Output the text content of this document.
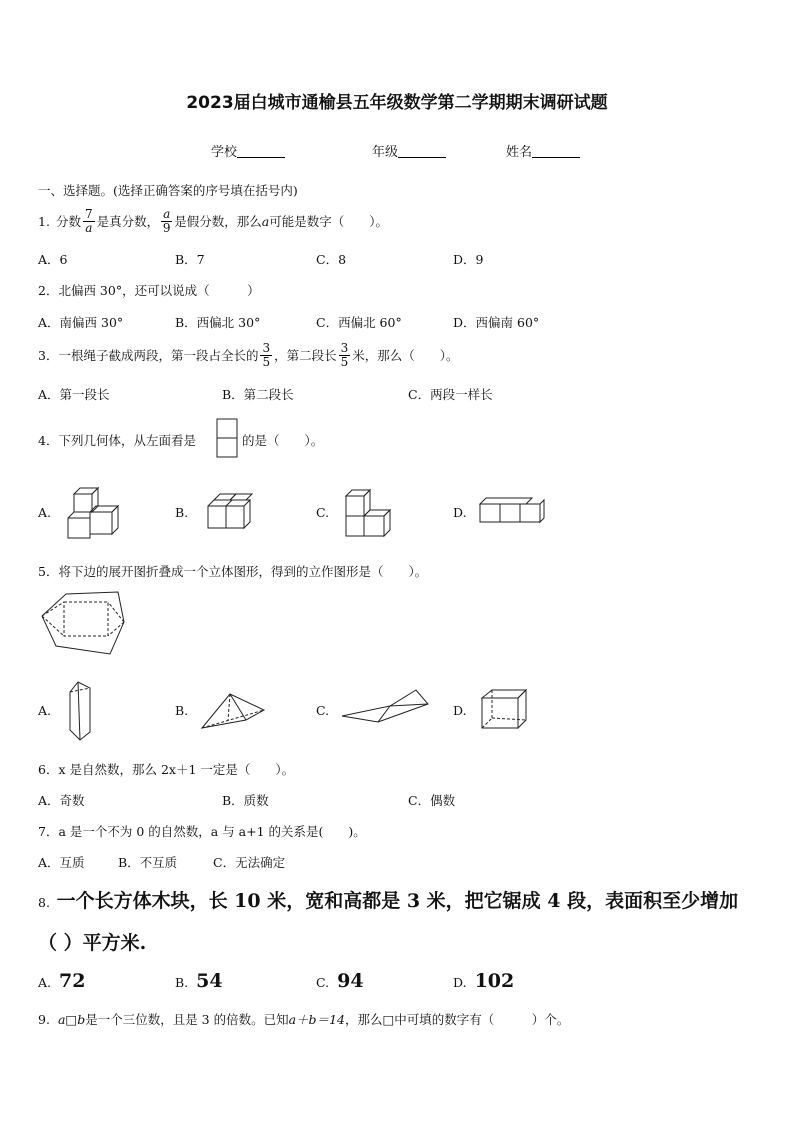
2023届白城市通榆县五年级数学第二学期期末调研试题
学校	年级	姓名
一、选择题。(选择正确答案的序号填在括号内)
1. 分数 $\frac{7}{a}$ 是真分数， $\frac{a}{9}$ 是假分数，那么 a 可能是数字（　　）。
A．6	B．7	C．8	D．9
2．北偏西 30°，还可以说成（　　　）
A．南偏西 30°	B．西偏北 30°	C．西偏北 60°	D．西偏南 60°
3．一根绳子截成两段，第一段占全长的 $\frac{3}{5}$ ，第二段长 $\frac{3}{5}$ 米，那么（　　）。
A．第一段长	B．第二段长	C．两段一样长
4．下列几何体，从左面看是	的是（　　）。
A.	B.	C.	D.
5．将下边的展开图折叠成一个立体图形，得到的立作图形是（　　）。
A.	B.	C.	D.
6．x 是自然数，那么 2x＋1 一定是（　　）。
A．奇数	B．质数	C．偶数
7．a 是一个不为 0 的自然数，a 与 a+1 的关系是(　　)。
A．互质	B．不互质	C．无法确定
8. 一个长方体木块，长 10 米，宽和高都是 3 米，把它锯成 4 段，表面积至少增加
（ ）平方米.
A. 72	B. 54	C. 94	D. 102
9. a□b是一个三位数，且是 3 的倍数。已知a＋b＝14，那么□中可填的数字有（　　　）个。
